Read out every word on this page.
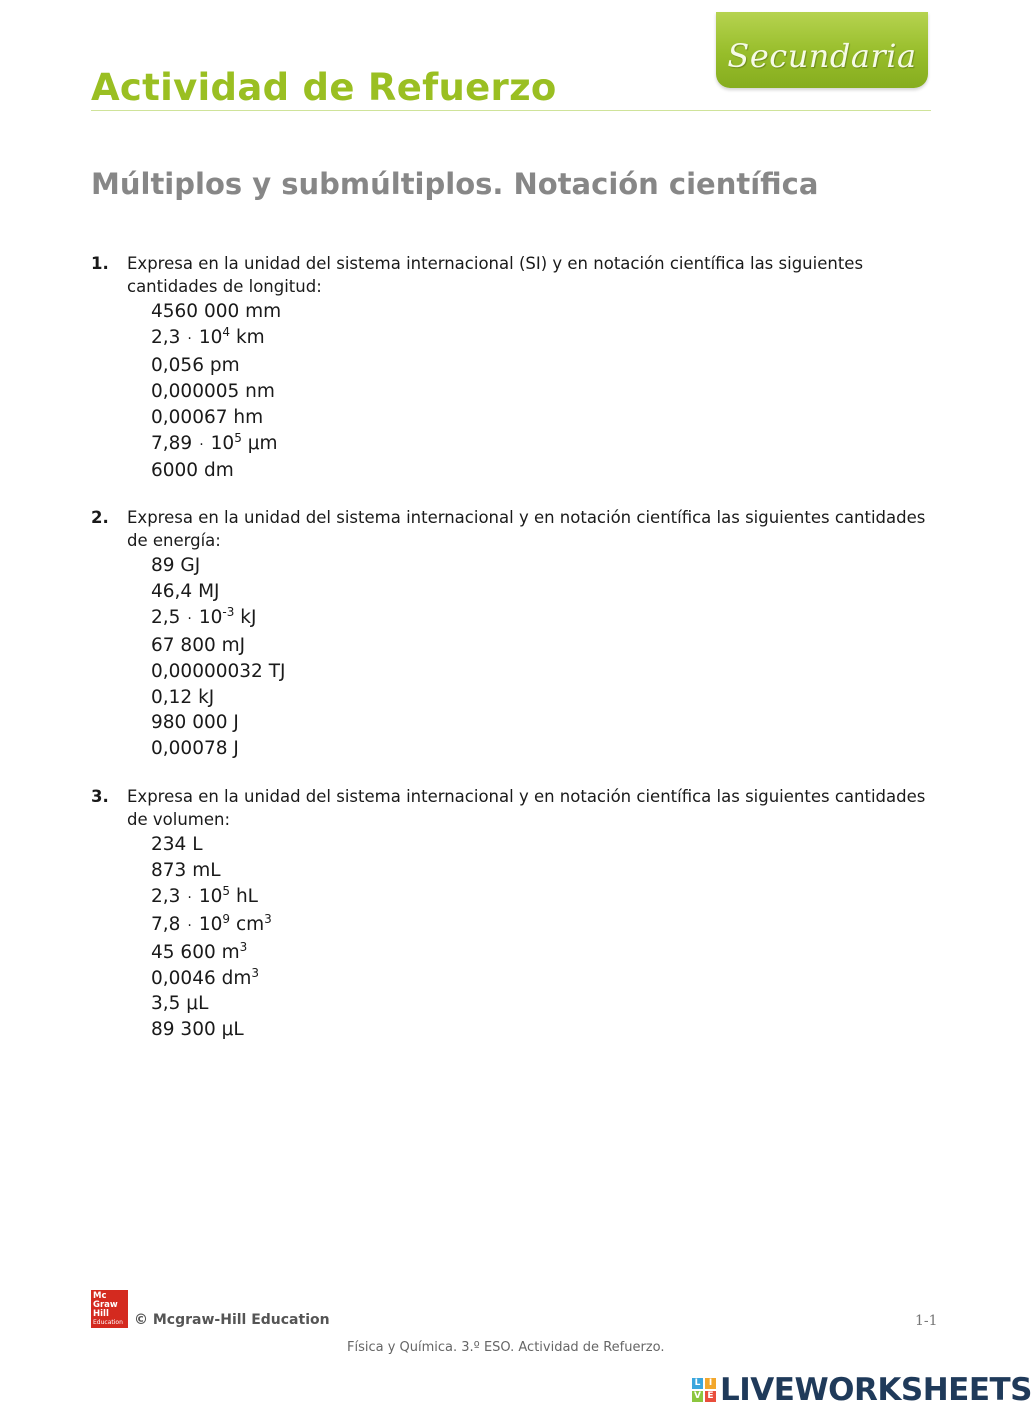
Secundaria
Actividad de Refuerzo
Múltiplos y submúltiplos. Notación científica
1.	Expresa en la unidad del sistema internacional (SI) y en notación científica las siguientes cantidades de longitud:
4560 000 mm
$2,3 \cdot 10^4$ km
0,056 pm
0,000005 nm
0,00067 hm
$7,89 \cdot 10^5$ μm
6000 dm
2.	Expresa en la unidad del sistema internacional y en notación científica las siguientes cantidades de energía:
89 GJ
46,4 MJ
$2,5 \cdot 10^{-3}$ kJ
67 800 mJ
0,00000032 TJ
0,12 kJ
980 000 J
0,00078 J
3.	Expresa en la unidad del sistema internacional y en notación científica las siguientes cantidades de volumen:
234 L
873 mL
$2,3 \cdot 10^5$ hL
$7,8 \cdot 10^9$ $cm^3$
45 600 $m^3$
0,0046 $dm^3$
3,5 μL
89 300 μL
Mc
Graw
Hill
Education © Mcgraw-Hill Education	1-1
Física y Química. 3.º ESO. Actividad de Refuerzo.
L I
V E LIVEWORKSHEETS
